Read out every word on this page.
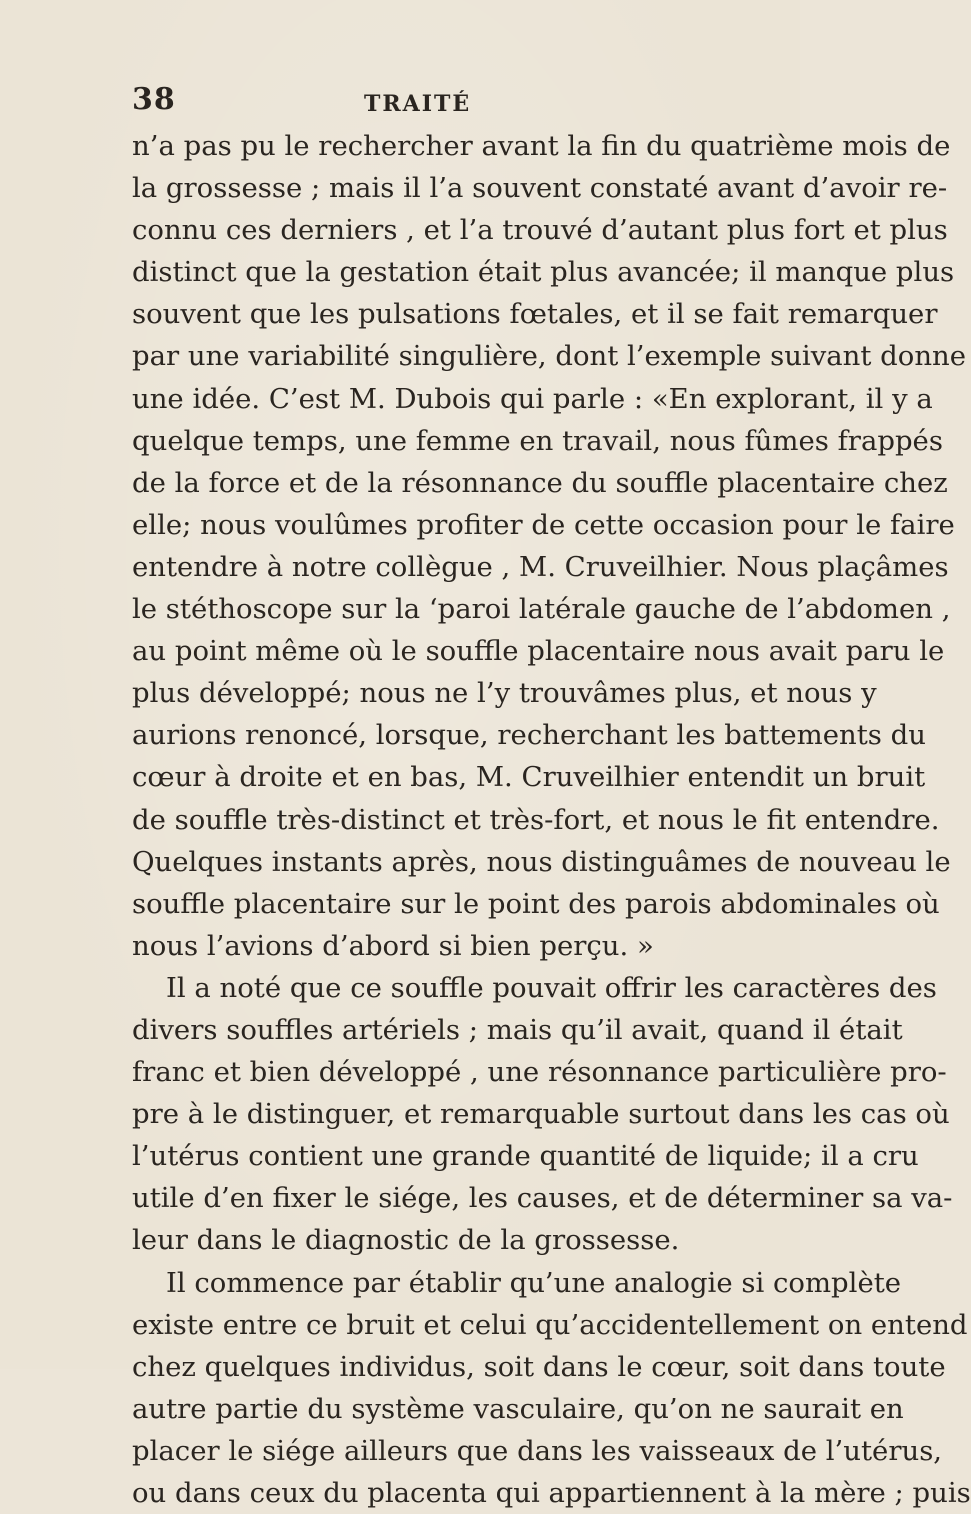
38	TRAITÉ
n’a pas pu le rechercher avant la fin du quatrième mois de
la grossesse ; mais il l’a souvent constaté avant d’avoir re-
connu ces derniers , et l’a trouvé d’autant plus fort et plus
distinct que la gestation était plus avancée; il manque plus
souvent que les pulsations fœtales, et il se fait remarquer
par une variabilité singulière, dont l’exemple suivant donne
une idée. C’est M. Dubois qui parle : «En explorant, il y a
quelque temps, une femme en travail, nous fûmes frappés
de la force et de la résonnance du souffle placentaire chez
elle; nous voulûmes profiter de cette occasion pour le faire
entendre à notre collègue , M. Cruveilhier. Nous plaçâmes
le stéthoscope sur la ‘paroi latérale gauche de l’abdomen ,
au point même où le souffle placentaire nous avait paru le
plus développé; nous ne l’y trouvâmes plus, et nous y
aurions renoncé, lorsque, recherchant les battements du
cœur à droite et en bas, M. Cruveilhier entendit un bruit
de souffle très-distinct et très-fort, et nous le fit entendre.
Quelques instants après, nous distinguâmes de nouveau le
souffle placentaire sur le point des parois abdominales où
nous l’avions d’abord si bien perçu. »
Il a noté que ce souffle pouvait offrir les caractères des
divers souffles artériels ; mais qu’il avait, quand il était
franc et bien développé , une résonnance particulière pro-
pre à le distinguer, et remarquable surtout dans les cas où
l’utérus contient une grande quantité de liquide; il a cru
utile d’en fixer le siége, les causes, et de déterminer sa va-
leur dans le diagnostic de la grossesse.
Il commence par établir qu’une analogie si complète
existe entre ce bruit et celui qu’accidentellement on entend
chez quelques individus, soit dans le cœur, soit dans toute
autre partie du système vasculaire, qu’on ne saurait en
placer le siége ailleurs que dans les vaisseaux de l’utérus,
ou dans ceux du placenta qui appartiennent à la mère ; puis
